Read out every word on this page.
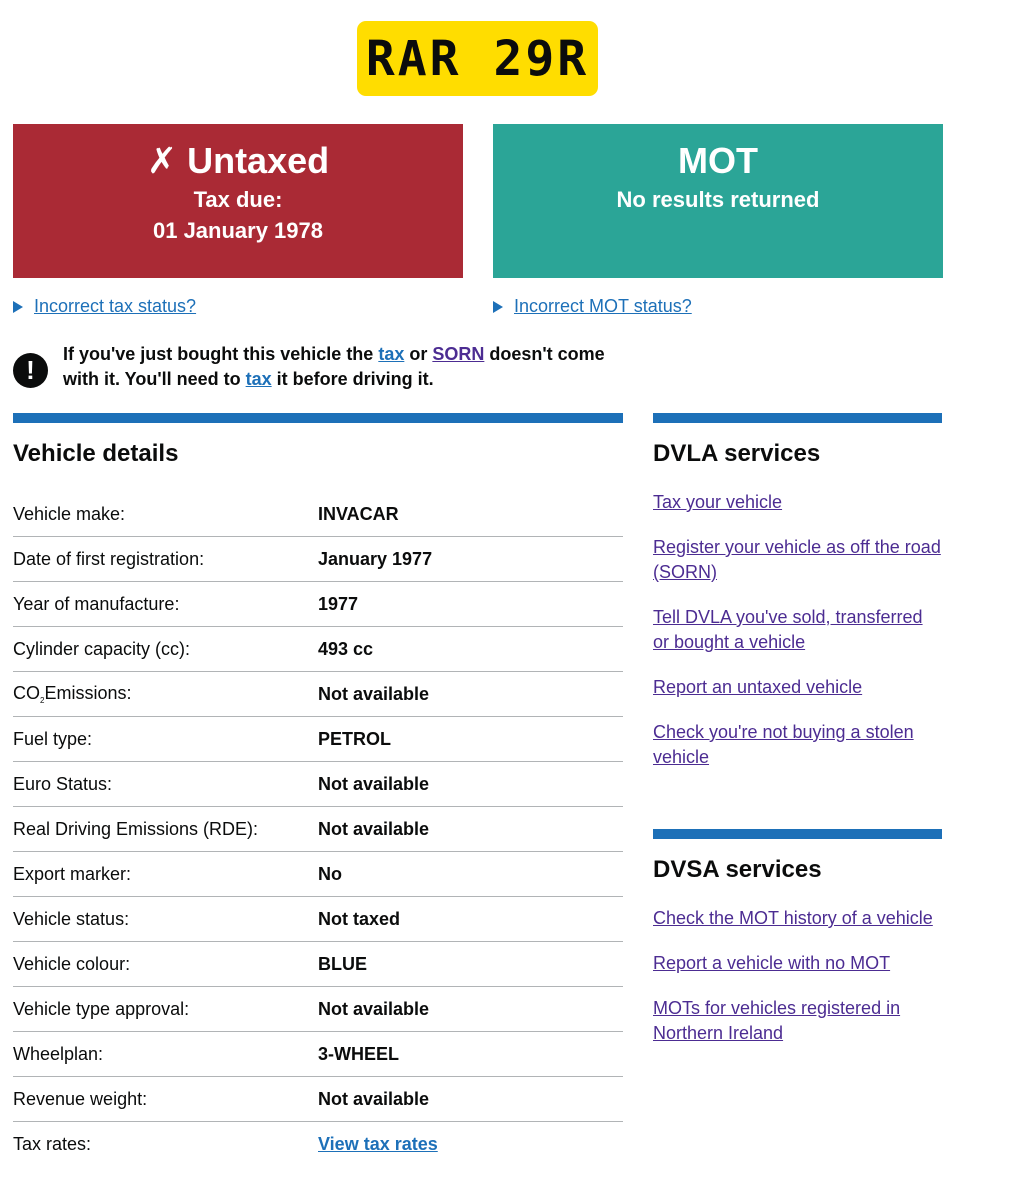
RAR 29R
✗ Untaxed
Tax due:
01 January 1978
MOT
No results returned
Incorrect tax status?	Incorrect MOT status?
!
If you've just bought this vehicle the tax or SORN doesn't come with it. You'll need to tax it before driving it.
Vehicle details
Vehicle make:	INVACAR
Date of first registration:	January 1977
Year of manufacture:	1977
Cylinder capacity (cc):	493 cc
$CO_2Emissions$:	Not available
Fuel type:	PETROL
Euro Status:	Not available
Real Driving Emissions (RDE):	Not available
Export marker:	No
Vehicle status:	Not taxed
Vehicle colour:	BLUE
Vehicle type approval:	Not available
Wheelplan:	3-WHEEL
Revenue weight:	Not available
Tax rates:	View tax rates
DVLA services
Tax your vehicle
Register your vehicle as off the road (SORN)
Tell DVLA you've sold, transferred or bought a vehicle
Report an untaxed vehicle
Check you're not buying a stolen vehicle
DVSA services
Check the MOT history of a vehicle
Report a vehicle with no MOT
MOTs for vehicles registered in Northern Ireland
